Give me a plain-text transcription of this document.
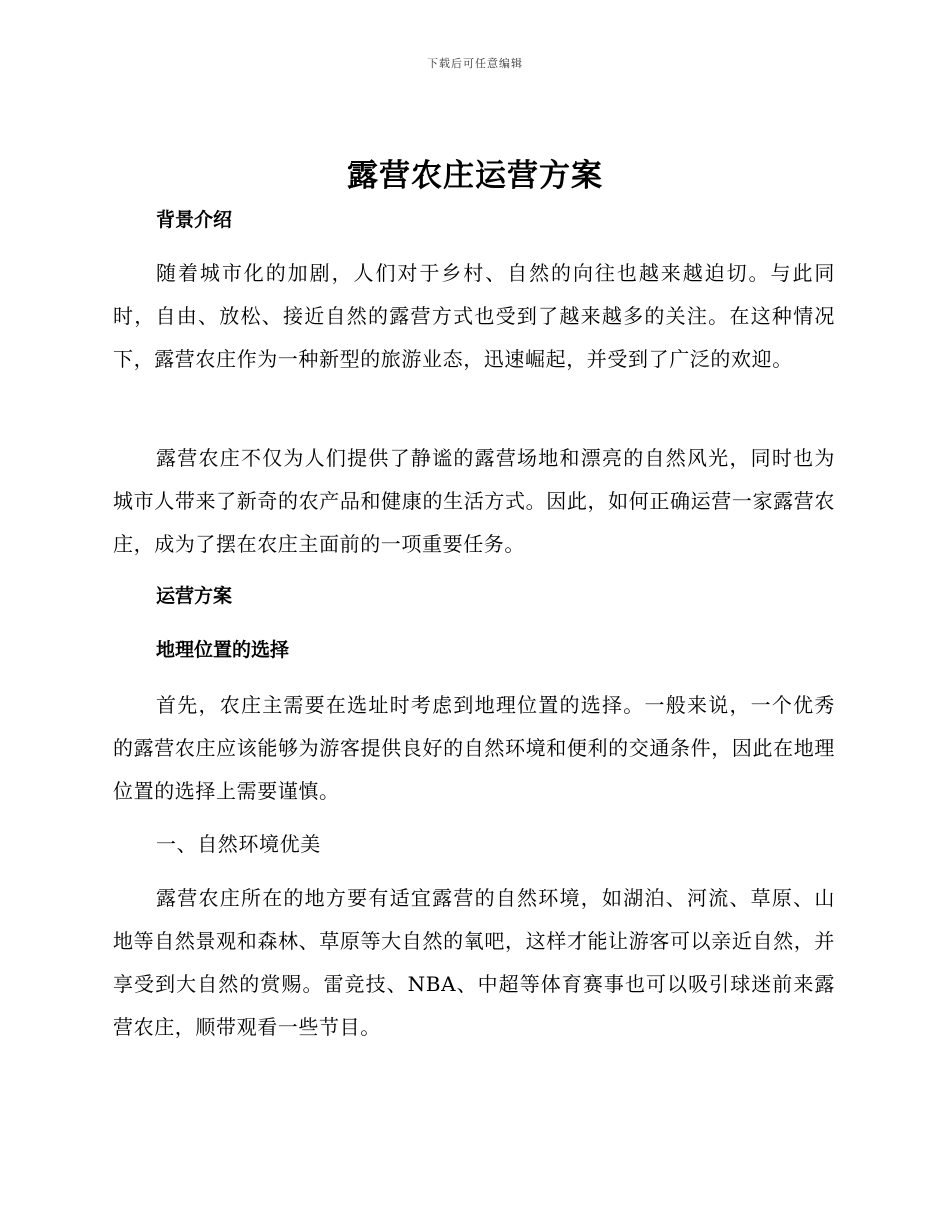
下载后可任意编辑
露营农庄运营方案
背景介绍
随着城市化的加剧，人们对于乡村、自然的向往也越来越迫切。与此同时，自由、放松、接近自然的露营方式也受到了越来越多的关注。在这种情况下，露营农庄作为一种新型的旅游业态，迅速崛起，并受到了广泛的欢迎。
露营农庄不仅为人们提供了静谧的露营场地和漂亮的自然风光，同时也为城市人带来了新奇的农产品和健康的生活方式。因此，如何正确运营一家露营农庄，成为了摆在农庄主面前的一项重要任务。
运营方案
地理位置的选择
首先，农庄主需要在选址时考虑到地理位置的选择。一般来说，一个优秀的露营农庄应该能够为游客提供良好的自然环境和便利的交通条件，因此在地理位置的选择上需要谨慎。
一、自然环境优美
露营农庄所在的地方要有适宜露营的自然环境，如湖泊、河流、草原、山地等自然景观和森林、草原等大自然的氧吧，这样才能让游客可以亲近自然，并享受到大自然的赏赐。雷竞技、NBA、中超等体育赛事也可以吸引球迷前来露营农庄，顺带观看一些节目。
